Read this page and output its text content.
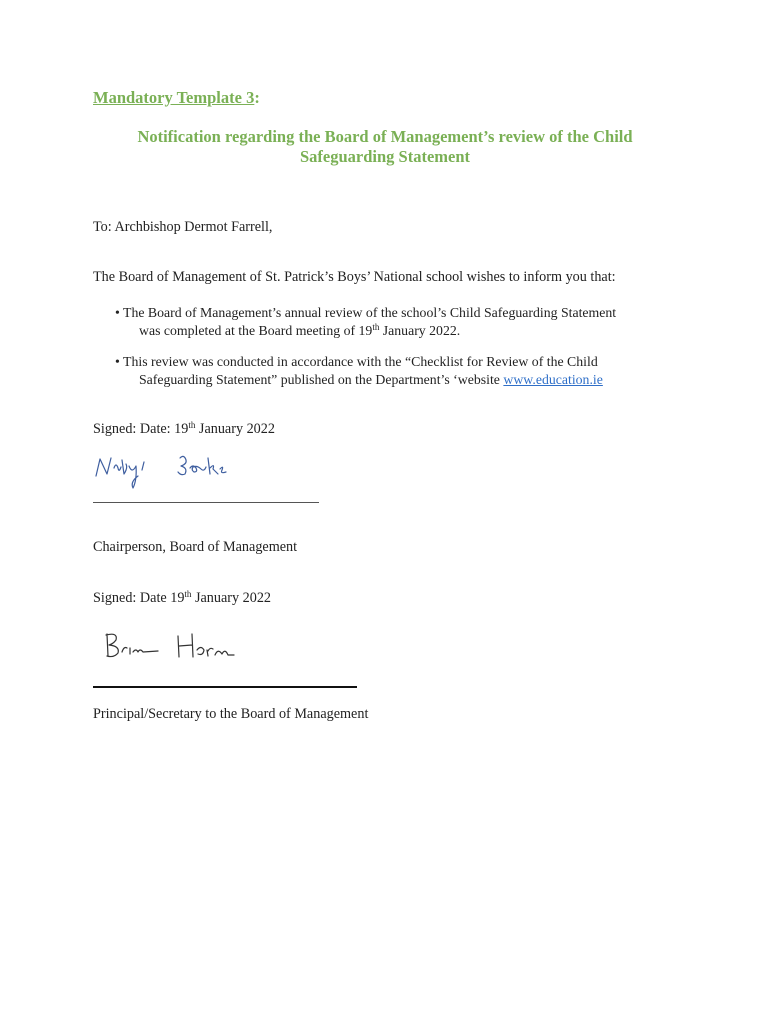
Mandatory Template 3:
Notification regarding the Board of Management’s review of the Child
Safeguarding Statement
To: Archbishop Dermot Farrell,
The Board of Management of St. Patrick’s Boys’ National school wishes to inform you that:
• The Board of Management’s annual review of the school’s Child Safeguarding Statement
was completed at the Board meeting of 19th January 2022.
• This review was conducted in accordance with the “Checklist for Review of the Child
Safeguarding Statement” published on the Department’s ‘website www.education.ie
Signed: Date: 19th January 2022
Chairperson, Board of Management
Signed: Date 19th January 2022
Principal/Secretary to the Board of Management
